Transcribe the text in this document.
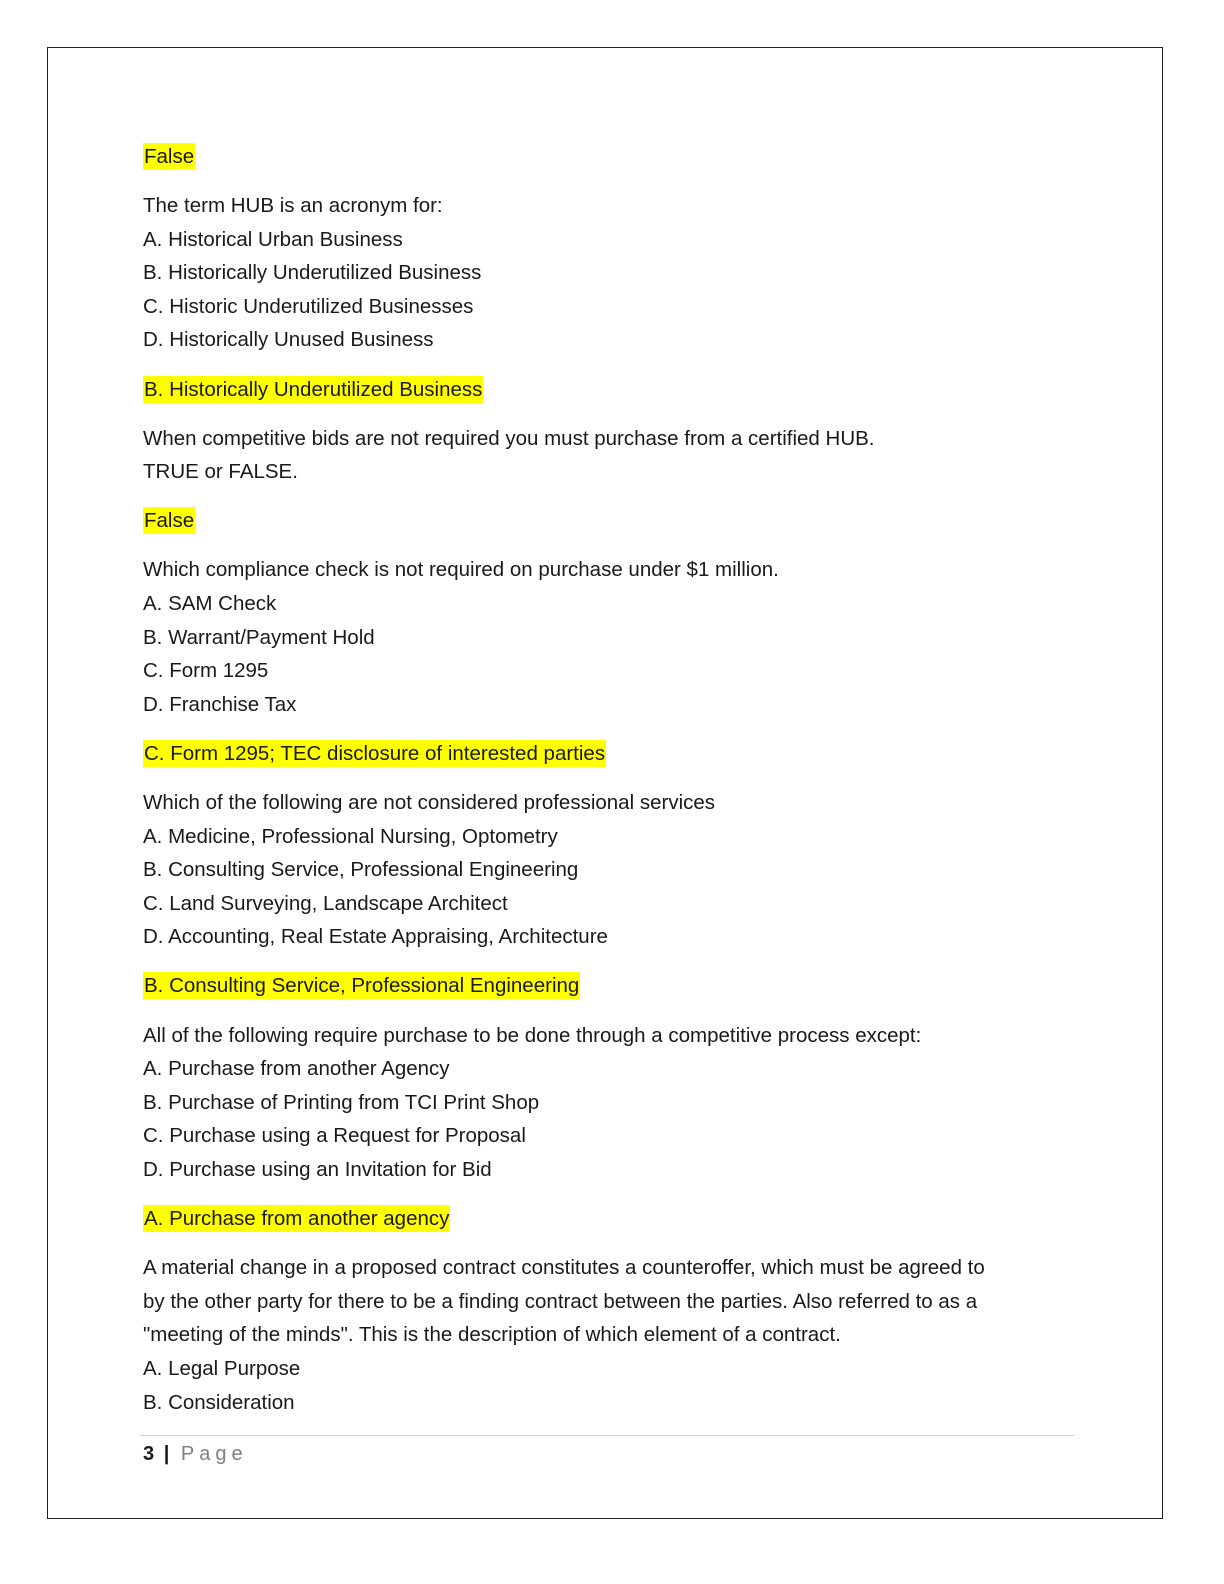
False
The term HUB is an acronym for:
A. Historical Urban Business
B. Historically Underutilized Business
C. Historic Underutilized Businesses
D. Historically Unused Business
B. Historically Underutilized Business
When competitive bids are not required you must purchase from a certified HUB.
TRUE or FALSE.
False
Which compliance check is not required on purchase under $1 million.
A. SAM Check
B. Warrant/Payment Hold
C. Form 1295
D. Franchise Tax
C. Form 1295; TEC disclosure of interested parties
Which of the following are not considered professional services
A. Medicine, Professional Nursing, Optometry
B. Consulting Service, Professional Engineering
C. Land Surveying, Landscape Architect
D. Accounting, Real Estate Appraising, Architecture
B. Consulting Service, Professional Engineering
All of the following require purchase to be done through a competitive process except:
A. Purchase from another Agency
B. Purchase of Printing from TCI Print Shop
C. Purchase using a Request for Proposal
D. Purchase using an Invitation for Bid
A. Purchase from another agency
A material change in a proposed contract constitutes a counteroffer, which must be agreed to
by the other party for there to be a finding contract between the parties. Also referred to as a
"meeting of the minds". This is the description of which element of a contract.
A. Legal Purpose
B. Consideration
3 | Page
